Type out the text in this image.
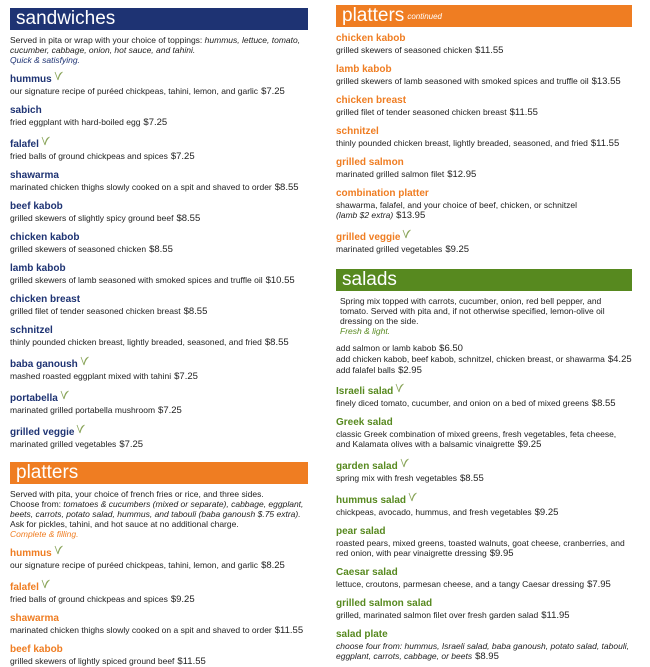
sandwiches
Served in pita or wrap with your choice of toppings: hummus, lettuce, tomato, cucumber, cabbage, onion, hot sauce, and tahini.
Quick & satisfying.
hummus
our signature recipe of puréed chickpeas, tahini, lemon, and garlic $7.25
sabich
fried eggplant with hard-boiled egg $7.25
falafel
fried balls of ground chickpeas and spices $7.25
shawarma
marinated chicken thighs slowly cooked on a spit and shaved to order $8.55
beef kabob
grilled skewers of slightly spicy ground beef $8.55
chicken kabob
grilled skewers of seasoned chicken $8.55
lamb kabob
grilled skewers of lamb seasoned with smoked spices and truffle oil $10.55
chicken breast
grilled filet of tender seasoned chicken breast $8.55
schnitzel
thinly pounded chicken breast, lightly breaded, seasoned, and fried $8.55
baba ganoush
mashed roasted eggplant mixed with tahini $7.25
portabella
marinated grilled portabella mushroom $7.25
grilled veggie
marinated grilled vegetables $7.25
platters
Served with pita, your choice of french fries or rice, and three sides.
Choose from: tomatoes & cucumbers (mixed or separate), cabbage, eggplant, beets, carrots, potato salad, hummus, and tabouli (baba ganoush $.75 extra).
Ask for pickles, tahini, and hot sauce at no additional charge.
Complete & filling.
hummus
our signature recipe of puréed chickpeas, tahini, lemon, and garlic $8.25
falafel
fried balls of ground chickpeas and spices $9.25
shawarma
marinated chicken thighs slowly cooked on a spit and shaved to order $11.55
beef kabob
grilled skewers of lightly spiced ground beef $11.55
platters continued
chicken kabob
grilled skewers of seasoned chicken $11.55
lamb kabob
grilled skewers of lamb seasoned with smoked spices and truffle oil $13.55
chicken breast
grilled filet of tender seasoned chicken breast $11.55
schnitzel
thinly pounded chicken breast, lightly breaded, seasoned, and fried $11.55
grilled salmon
marinated grilled salmon filet $12.95
combination platter
shawarma, falafel, and your choice of beef, chicken, or schnitzel
(lamb $2 extra) $13.95
grilled veggie
marinated grilled vegetables $9.25
salads
Spring mix topped with carrots, cucumber, onion, red bell pepper, and tomato. Served with pita and, if not otherwise specified, lemon-olive oil dressing on the side.
Fresh & light.
add salmon or lamb kabob $6.50
add chicken kabob, beef kabob, schnitzel, chicken breast, or shawarma $4.25
add falafel balls $2.95
Israeli salad
finely diced tomato, cucumber, and onion on a bed of mixed greens $8.55
Greek salad
classic Greek combination of mixed greens, fresh vegetables, feta cheese, and Kalamata olives with a balsamic vinaigrette $9.25
garden salad
spring mix with fresh vegetables $8.55
hummus salad
chickpeas, avocado, hummus, and fresh vegetables $9.25
pear salad
roasted pears, mixed greens, toasted walnuts, goat cheese, cranberries, and red onion, with pear vinaigrette dressing $9.95
Caesar salad
lettuce, croutons, parmesan cheese, and a tangy Caesar dressing $7.95
grilled salmon salad
grilled, marinated salmon filet over fresh garden salad $11.95
salad plate
choose four from: hummus, Israeli salad, baba ganoush, potato salad, tabouli, eggplant, carrots, cabbage, or beets $8.95
